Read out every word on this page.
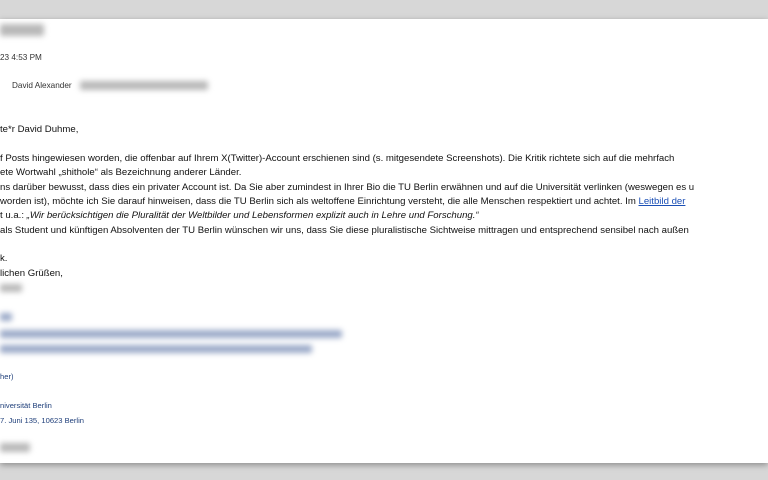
23 4:53 PM
David Alexander
te*r David Duhme,
f Posts hingewiesen worden, die offenbar auf Ihrem X(Twitter)-Account erschienen sind (s. mitgesendete Screenshots). Die Kritik richtete sich auf die mehrfach
ete Wortwahl „shithole“ als Bezeichnung anderer Länder.
ns darüber bewusst, dass dies ein privater Account ist. Da Sie aber zumindest in Ihrer Bio die TU Berlin erwähnen und auf die Universität verlinken (weswegen es u
worden ist), möchte ich Sie darauf hinweisen, dass die TU Berlin sich als weltoffene Einrichtung versteht, die alle Menschen respektiert und achtet. Im Leitbild der
t u.a.: „Wir berücksichtigen die Pluralität der Weltbilder und Lebensformen explizit auch in Lehre und Forschung.“
als Student und künftigen Absolventen der TU Berlin wünschen wir uns, dass Sie diese pluralistische Sichtweise mittragen und entsprechend sensibel nach außen
k.
lichen Grüßen,
her)
niversität Berlin
7. Juni 135, 10623 Berlin
